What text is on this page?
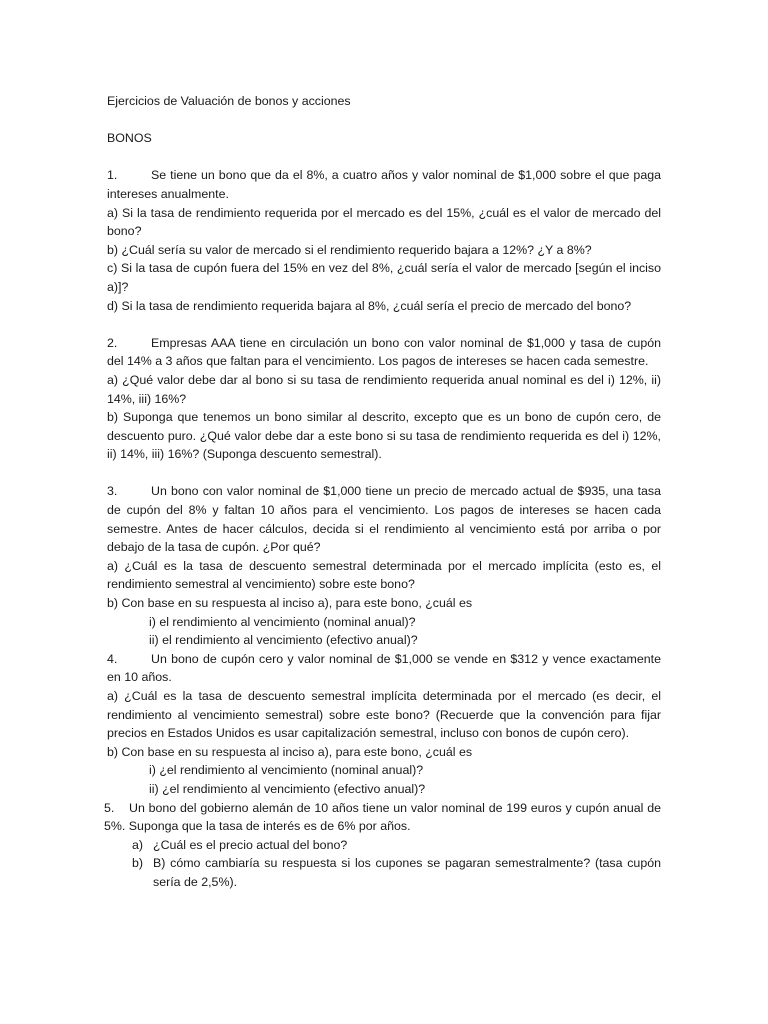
Ejercicios de Valuación de bonos y acciones

BONOS

1.	Se tiene un bono que da el 8%, a cuatro años y valor nominal de $1,000 sobre el que paga intereses anualmente.

a) Si la tasa de rendimiento requerida por el mercado es del 15%, ¿cuál es el valor de mercado del bono?

b) ¿Cuál sería su valor de mercado si el rendimiento requerido bajara a 12%? ¿Y a 8%?

c) Si la tasa de cupón fuera del 15% en vez del 8%, ¿cuál sería el valor de mercado [según el inciso a)]?

d) Si la tasa de rendimiento requerida bajara al 8%, ¿cuál sería el precio de mercado del bono?

2.	Empresas AAA tiene en circulación un bono con valor nominal de $1,000 y tasa de cupón del 14% a 3 años que faltan para el vencimiento. Los pagos de intereses se hacen cada semestre.

a) ¿Qué valor debe dar al bono si su tasa de rendimiento requerida anual nominal es del i) 12%, ii) 14%, iii) 16%?

b) Suponga que tenemos un bono similar al descrito, excepto que es un bono de cupón cero, de descuento puro. ¿Qué valor debe dar a este bono si su tasa de rendimiento requerida es del i) 12%, ii) 14%, iii) 16%? (Suponga descuento semestral).

3.	Un bono con valor nominal de $1,000 tiene un precio de mercado actual de $935, una tasa de cupón del 8% y faltan 10 años para el vencimiento. Los pagos de intereses se hacen cada semestre. Antes de hacer cálculos, decida si el rendimiento al vencimiento está por arriba o por debajo de la tasa de cupón. ¿Por qué?

a) ¿Cuál es la tasa de descuento semestral determinada por el mercado implícita (esto es, el rendimiento semestral al vencimiento) sobre este bono?

b) Con base en su respuesta al inciso a), para este bono, ¿cuál es

i) el rendimiento al vencimiento (nominal anual)?

ii) el rendimiento al vencimiento (efectivo anual)?

4.	Un bono de cupón cero y valor nominal de $1,000 se vende en $312 y vence exactamente en 10 años.

a) ¿Cuál es la tasa de descuento semestral implícita determinada por el mercado (es decir, el rendimiento al vencimiento semestral) sobre este bono? (Recuerde que la convención para fijar precios en Estados Unidos es usar capitalización semestral, incluso con bonos de cupón cero).

b) Con base en su respuesta al inciso a), para este bono, ¿cuál es

i) ¿el rendimiento al vencimiento (nominal anual)?

ii) ¿el rendimiento al vencimiento (efectivo anual)?

5. Un bono del gobierno alemán de 10 años tiene un valor nominal de 199 euros y cupón anual de 5%. Suponga que la tasa de interés es de 6% por años.

a) ¿Cuál es el precio actual del bono?

b) B) cómo cambiaría su respuesta si los cupones se pagaran semestralmente? (tasa cupón sería de 2,5%).
